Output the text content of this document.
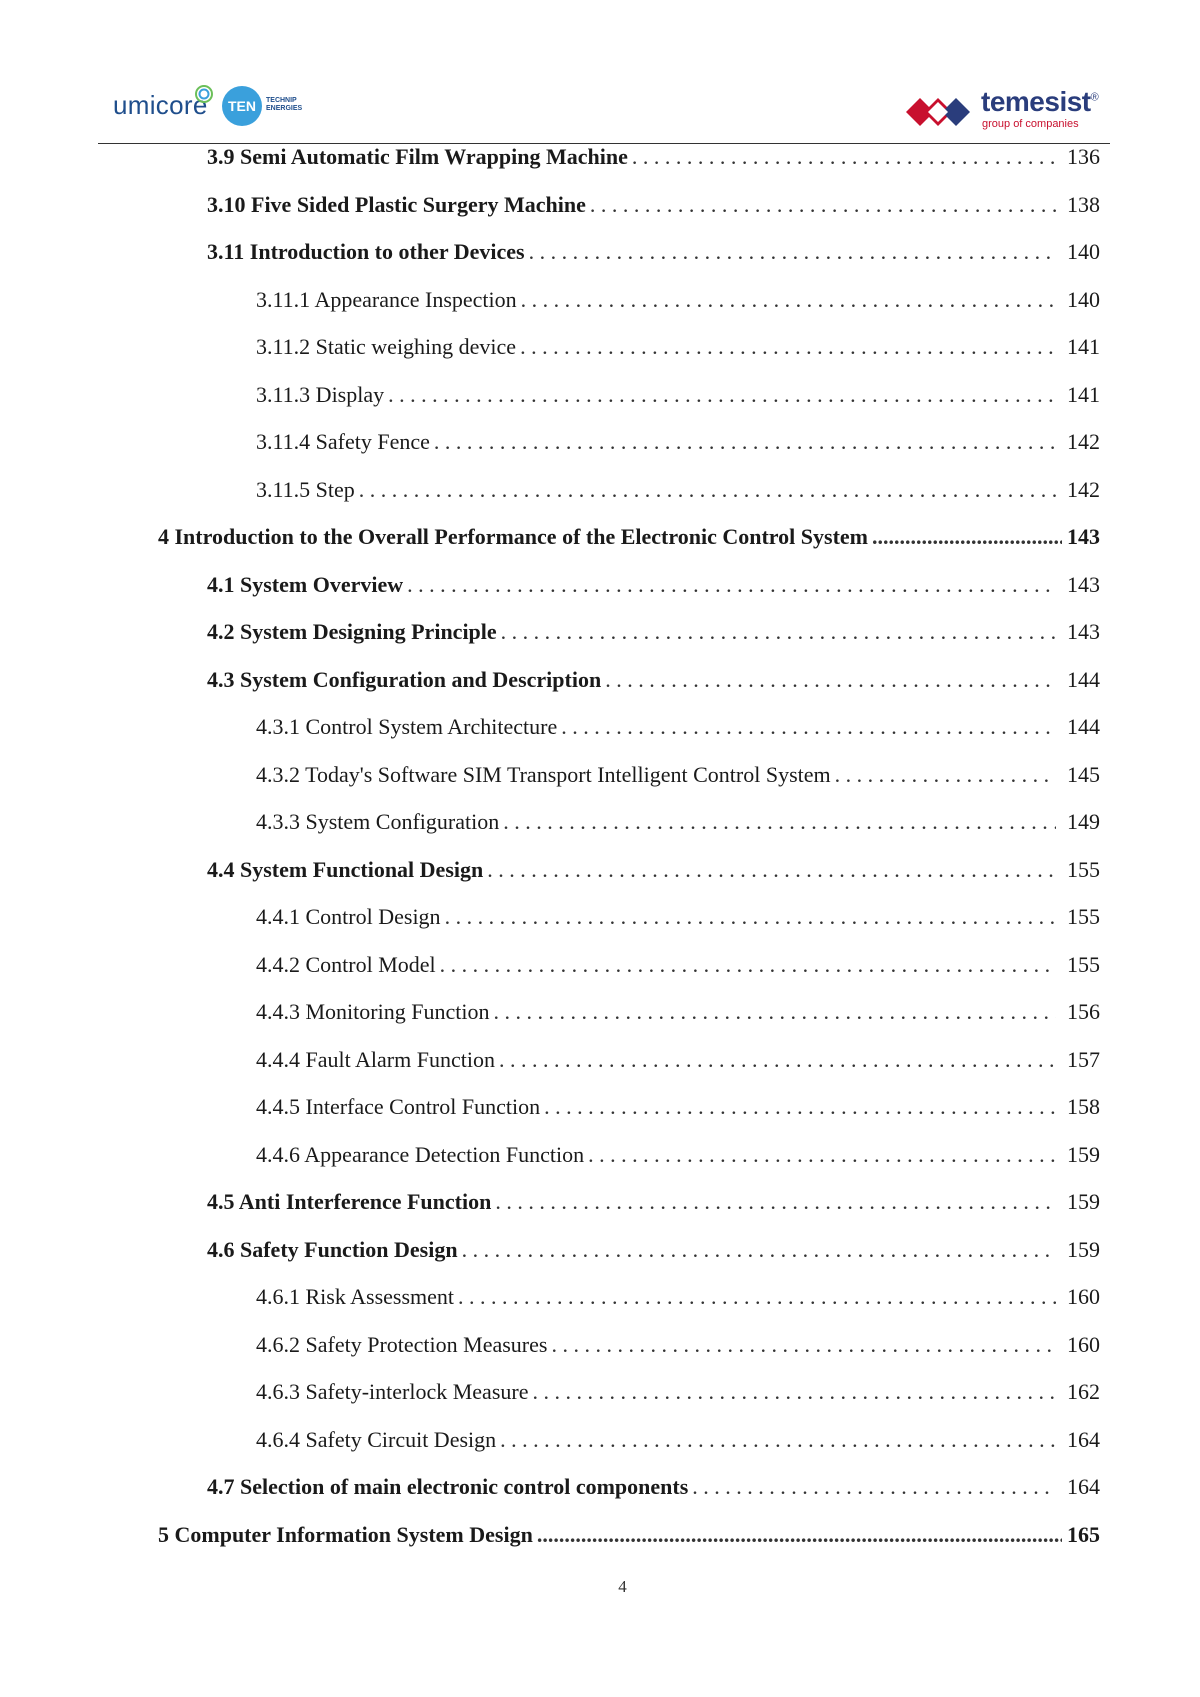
umicore TEN TECHNIP
ENERGIES	temesist®
group of companies
3.9 Semi Automatic Film Wrapping Machine . . .	136
3.10 Five Sided Plastic Surgery Machine . . .	138
3.11 Introduction to other Devices . . .	140
3.11.1 Appearance Inspection . . .	140
3.11.2 Static weighing device . . .	141
3.11.3 Display . . .	141
3.11.4 Safety Fence . . .	142
3.11.5 Step . . .	142
4 Introduction to the Overall Performance of the Electronic Control System .....	143
4.1 System Overview . . .	143
4.2 System Designing Principle . . .	143
4.3 System Configuration and Description . . .	144
4.3.1 Control System Architecture . . .	144
4.3.2 Today's Software SIM Transport Intelligent Control System . . .	145
4.3.3 System Configuration . . .	149
4.4 System Functional Design . . .	155
4.4.1 Control Design . . .	155
4.4.2 Control Model . . .	155
4.4.3 Monitoring Function . . .	156
4.4.4 Fault Alarm Function . . .	157
4.4.5 Interface Control Function . . .	158
4.4.6 Appearance Detection Function . . .	159
4.5 Anti Interference Function . . .	159
4.6 Safety Function Design . . .	159
4.6.1 Risk Assessment . . .	160
4.6.2 Safety Protection Measures . . .	160
4.6.3 Safety-interlock Measure . . .	162
4.6.4 Safety Circuit Design . . .	164
4.7 Selection of main electronic control components . . .	164
5 Computer Information System Design .....	165
4
